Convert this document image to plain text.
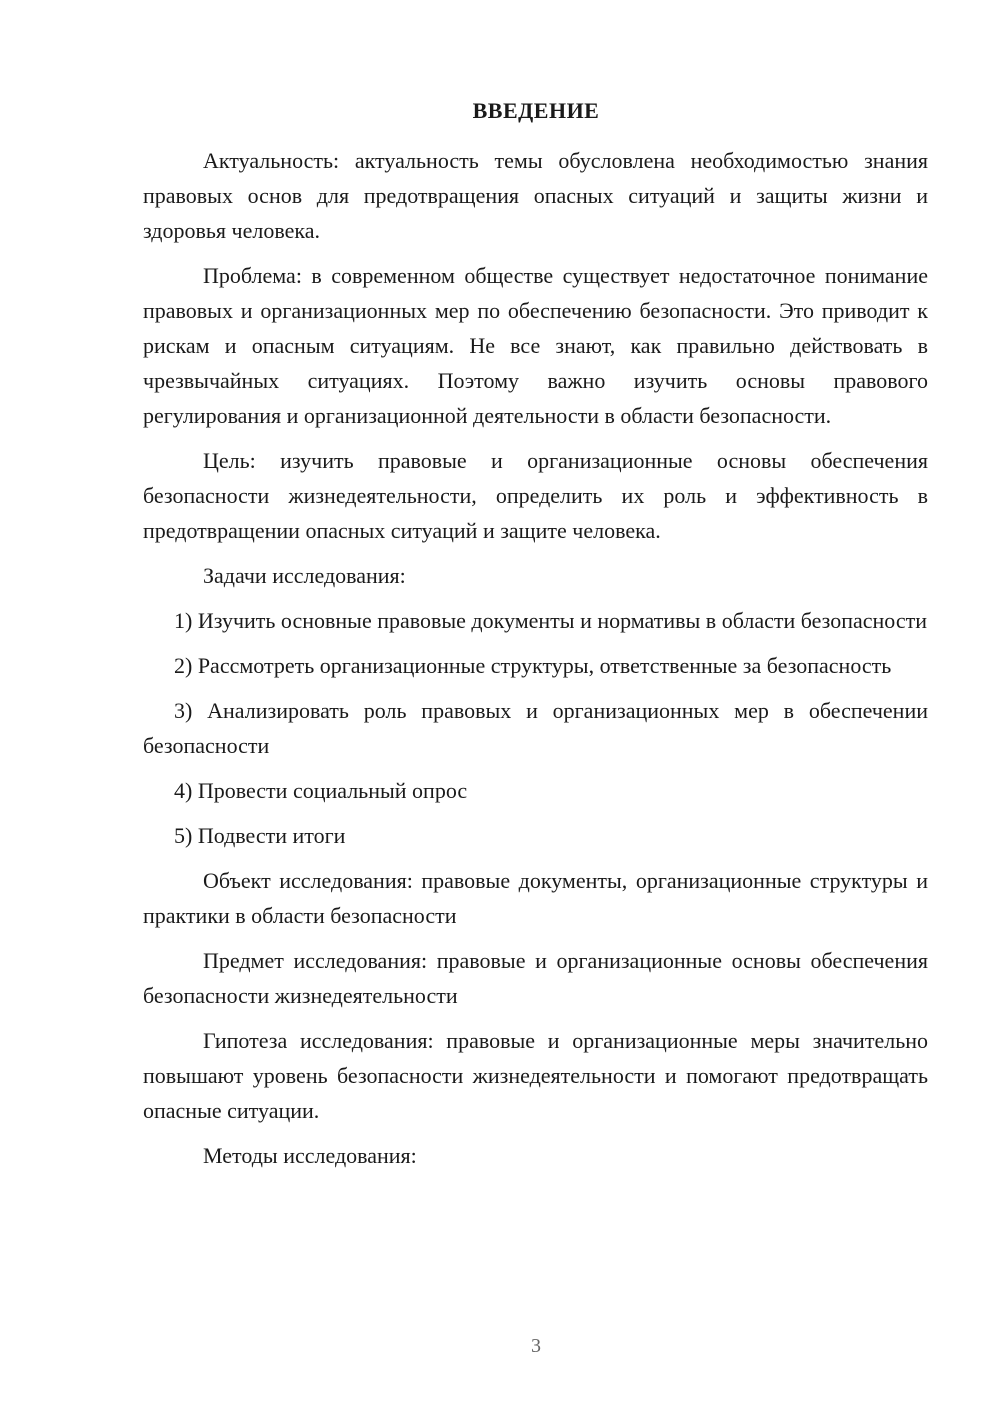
ВВЕДЕНИЕ

Актуальность: актуальность темы обусловлена необходимостью знания правовых основ для предотвращения опасных ситуаций и защиты жизни и здоровья человека.

Проблема: в современном обществе существует недостаточное понимание правовых и организационных мер по обеспечению безопасности. Это приводит к рискам и опасным ситуациям. Не все знают, как правильно действовать в чрезвычайных ситуациях. Поэтому важно изучить основы правового регулирования и организационной деятельности в области безопасности.

Цель: изучить правовые и организационные основы обеспечения безопасности жизнедеятельности, определить их роль и эффективность в предотвращении опасных ситуаций и защите человека.

Задачи исследования:

1) Изучить основные правовые документы и нормативы в области безопасности

2) Рассмотреть организационные структуры, ответственные за безопасность

3) Анализировать роль правовых и организационных мер в обеспечении безопасности

4) Провести социальный опрос

5) Подвести итоги

Объект исследования: правовые документы, организационные структуры и практики в области безопасности

Предмет исследования: правовые и организационные основы обеспечения безопасности жизнедеятельности

Гипотеза исследования: правовые и организационные меры значительно повышают уровень безопасности жизнедеятельности и помогают предотвращать опасные ситуации.

Методы исследования:

3
